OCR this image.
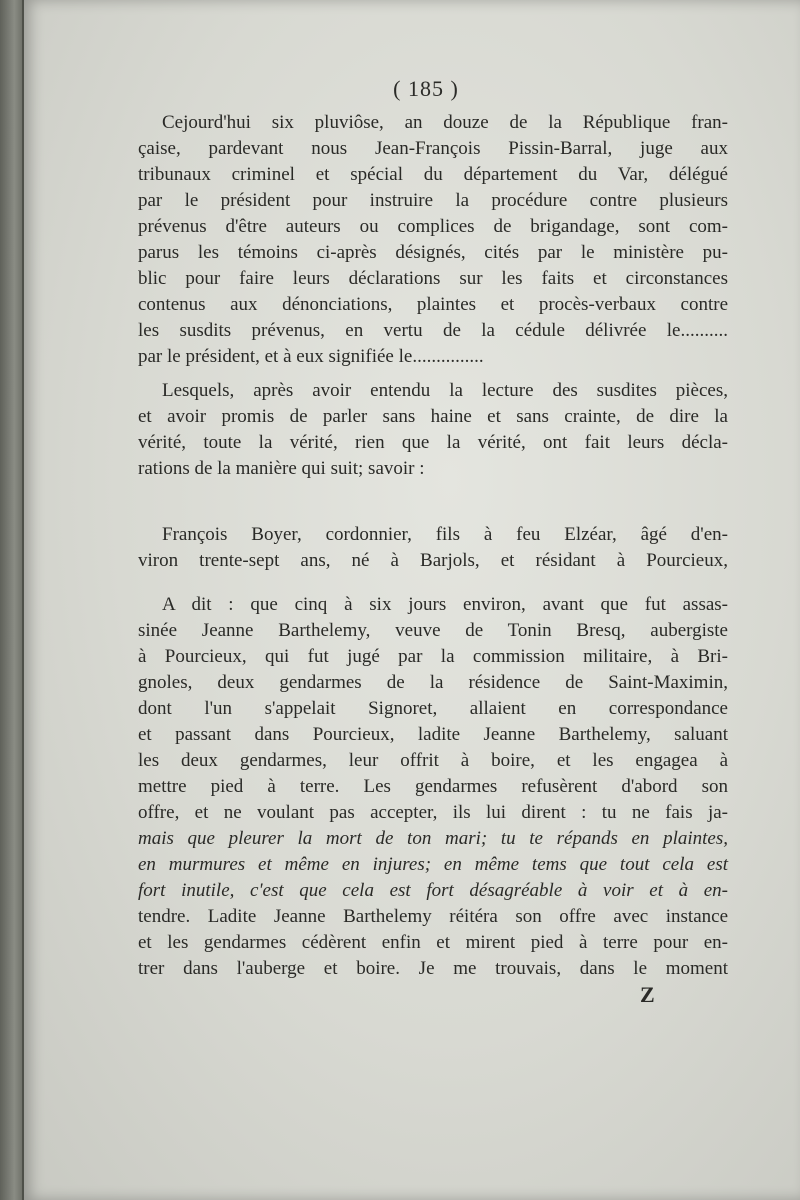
( 185 )
Cejourd'hui six pluviôse, an douze de la République fran-
çaise, pardevant nous Jean-François Pissin-Barral, juge aux
tribunaux criminel et spécial du département du Var, délégué
par le président pour instruire la procédure contre plusieurs
prévenus d'être auteurs ou complices de brigandage, sont com-
parus les témoins ci-après désignés, cités par le ministère pu-
blic pour faire leurs déclarations sur les faits et circonstances
contenus aux dénonciations, plaintes et procès-verbaux contre
les susdits prévenus, en vertu de la cédule délivrée le..........
par le président, et à eux signifiée le...............
Lesquels, après avoir entendu la lecture des susdites pièces,
et avoir promis de parler sans haine et sans crainte, de dire la
vérité, toute la vérité, rien que la vérité, ont fait leurs décla-
rations de la manière qui suit; savoir :
François Boyer, cordonnier, fils à feu Elzéar, âgé d'en-
viron trente-sept ans, né à Barjols, et résidant à Pourcieux,
A dit : que cinq à six jours environ, avant que fut assas-
sinée Jeanne Barthelemy, veuve de Tonin Bresq, aubergiste
à Pourcieux, qui fut jugé par la commission militaire, à Bri-
gnoles, deux gendarmes de la résidence de Saint-Maximin,
dont l'un s'appelait Signoret, allaient en correspondance
et passant dans Pourcieux, ladite Jeanne Barthelemy, saluant
les deux gendarmes, leur offrit à boire, et les engagea à
mettre pied à terre. Les gendarmes refusèrent d'abord son
offre, et ne voulant pas accepter, ils lui dirent : tu ne fais ja-
mais que pleurer la mort de ton mari; tu te répands en plaintes,
en murmures et même en injures; en même tems que tout cela est
fort inutile, c'est que cela est fort désagréable à voir et à en-
tendre. Ladite Jeanne Barthelemy réitéra son offre avec instance
et les gendarmes cédèrent enfin et mirent pied à terre pour en-
trer dans l'auberge et boire. Je me trouvais, dans le moment
Z
